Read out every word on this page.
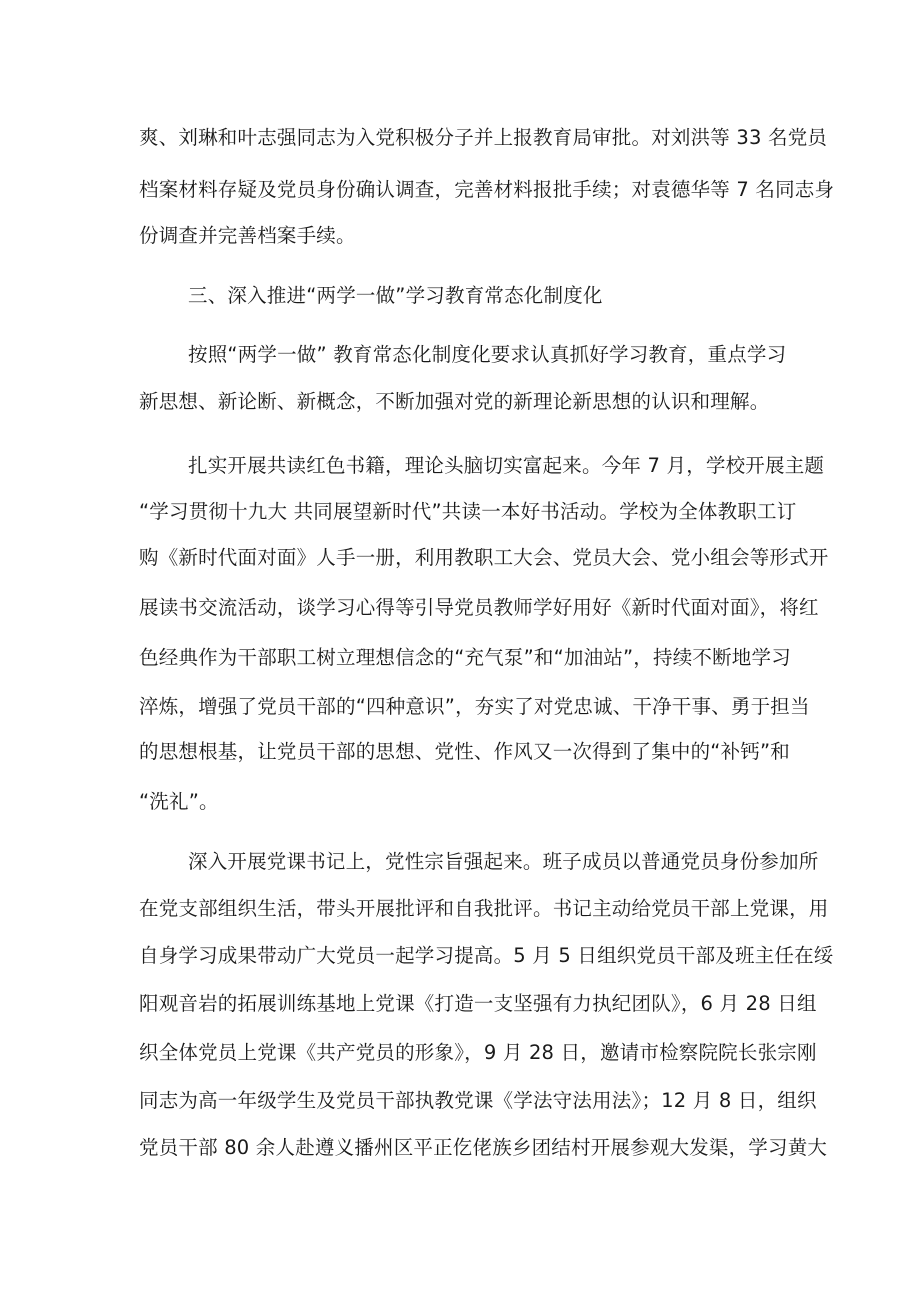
爽、刘琳和叶志强同志为入党积极分子并上报教育局审批。对刘洪等 33 名党员
档案材料存疑及党员身份确认调查，完善材料报批手续；对袁德华等 7 名同志身
份调查并完善档案手续。
三、深入推进“两学一做”学习教育常态化制度化
按照“两学一做” 教育常态化制度化要求认真抓好学习教育，重点学习
新思想、新论断、新概念，不断加强对党的新理论新思想的认识和理解。
扎实开展共读红色书籍，理论头脑切实富起来。今年 7 月，学校开展主题
“学习贯彻十九大 共同展望新时代”共读一本好书活动。学校为全体教职工订
购《新时代面对面》人手一册，利用教职工大会、党员大会、党小组会等形式开
展读书交流活动，谈学习心得等引导党员教师学好用好《新时代面对面》，将红
色经典作为干部职工树立理想信念的“充气泵”和“加油站”，持续不断地学习
淬炼，增强了党员干部的“四种意识”，夯实了对党忠诚、干净干事、勇于担当
的思想根基，让党员干部的思想、党性、作风又一次得到了集中的“补钙”和
“洗礼”。
深入开展党课书记上，党性宗旨强起来。班子成员以普通党员身份参加所
在党支部组织生活，带头开展批评和自我批评。书记主动给党员干部上党课，用
自身学习成果带动广大党员一起学习提高。5 月 5 日组织党员干部及班主任在绥
阳观音岩的拓展训练基地上党课《打造一支坚强有力执纪团队》，6 月 28 日组
织全体党员上党课《共产党员的形象》，9 月 28 日，邀请市检察院院长张宗刚
同志为高一年级学生及党员干部执教党课《学法守法用法》；12 月 8 日，组织
党员干部 80 余人赴遵义播州区平正仡佬族乡团结村开展参观大发渠，学习黄大
